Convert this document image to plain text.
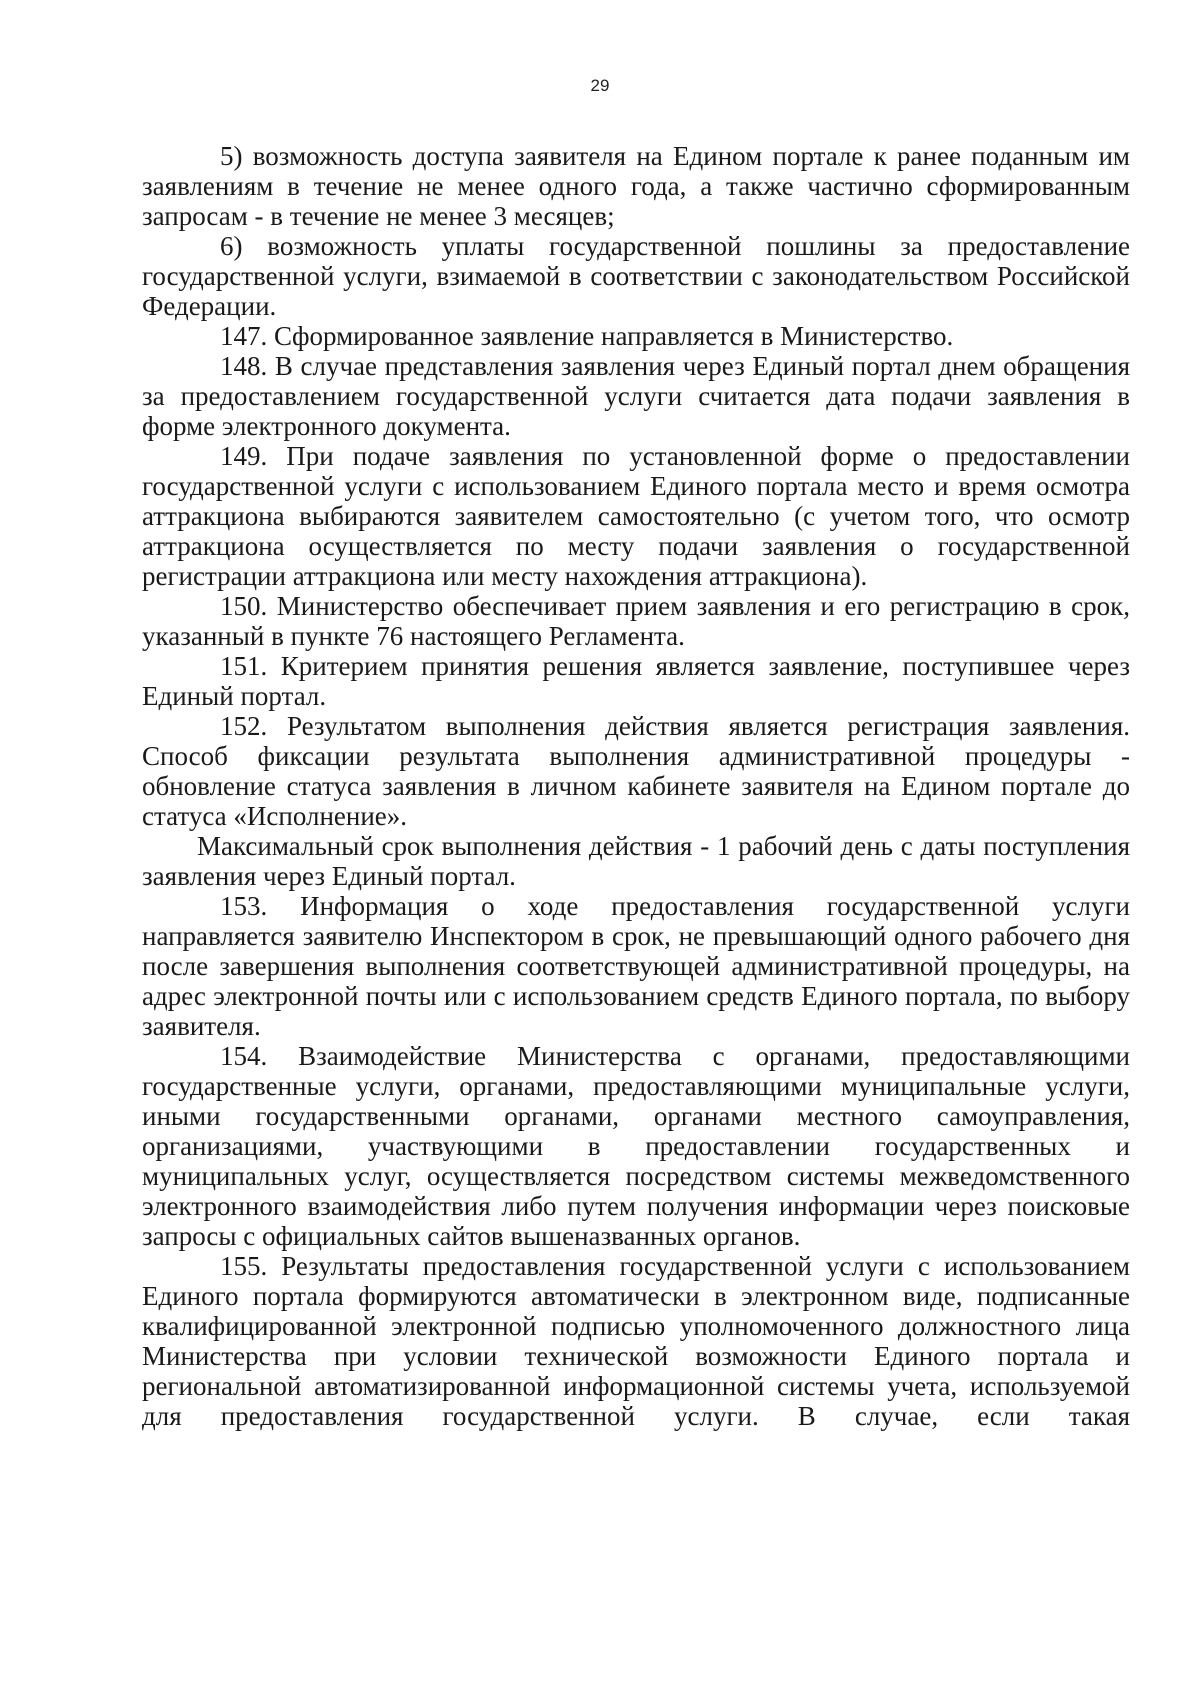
29

5) возможность доступа заявителя на Едином портале к ранее поданным им заявлениям в течение не менее одного года, а также частично сформированным запросам - в течение не менее 3 месяцев;

6) возможность уплаты государственной пошлины за предоставление государственной услуги, взимаемой в соответствии с законодательством Российской Федерации.

147. Сформированное заявление направляется в Министерство.

148. В случае представления заявления через Единый портал днем обращения за предоставлением государственной услуги считается дата подачи заявления в форме электронного документа.

149. При подаче заявления по установленной форме о предоставлении государственной услуги с использованием Единого портала место и время осмотра аттракциона выбираются заявителем самостоятельно (с учетом того, что осмотр аттракциона осуществляется по месту подачи заявления о государственной регистрации аттракциона или месту нахождения аттракциона).

150. Министерство обеспечивает прием заявления и его регистрацию в срок, указанный в пункте 76 настоящего Регламента.

151. Критерием принятия решения является заявление, поступившее через Единый портал.

152. Результатом выполнения действия является регистрация заявления. Способ фиксации результата выполнения административной процедуры - обновление статуса заявления в личном кабинете заявителя на Едином портале до статуса «Исполнение».

Максимальный срок выполнения действия - 1 рабочий день с даты поступления заявления через Единый портал.

153. Информация о ходе предоставления государственной услуги направляется заявителю Инспектором в срок, не превышающий одного рабочего дня после завершения выполнения соответствующей административной процедуры, на адрес электронной почты или с использованием средств Единого портала, по выбору заявителя.

154. Взаимодействие Министерства с органами, предоставляющими государственные услуги, органами, предоставляющими муниципальные услуги, иными государственными органами, органами местного самоуправления, организациями, участвующими в предоставлении государственных и муниципальных услуг, осуществляется посредством системы межведомственного электронного взаимодействия либо путем получения информации через поисковые запросы с официальных сайтов вышеназванных органов.

155. Результаты предоставления государственной услуги с использованием Единого портала формируются автоматически в электронном виде, подписанные квалифицированной электронной подписью уполномоченного должностного лица Министерства при условии технической возможности Единого портала и региональной автоматизированной информационной системы учета, используемой для предоставления государственной услуги. В случае, если такая
